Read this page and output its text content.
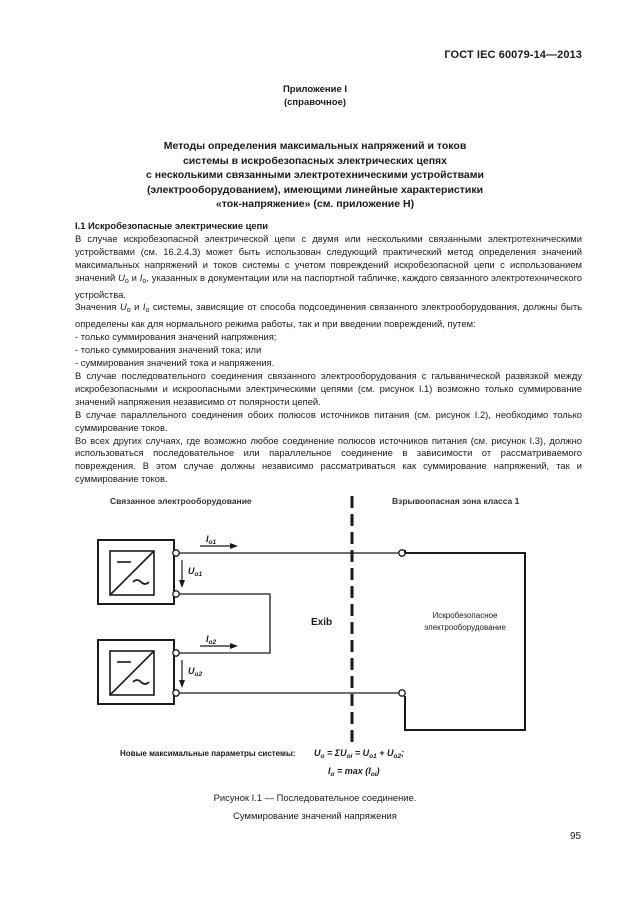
ГОСТ IEC 60079-14—2013
Приложение I
(справочное)
Методы определения максимальных напряжений и токов
системы в искробезопасных электрических цепях
с несколькими связанными электротехническими устройствами
(электрооборудованием), имеющими линейные характеристики
«ток-напряжение» (см. приложение H)

I.1 Искробезопасные электрические цепи

В случае искробезопасной электрической цепи с двумя или несколькими связанными электротехническими устройствами (см. 16.2.4.3) может быть использован следующий практический метод определения значений максимальных напряжений и токов системы с учетом повреждений искробезопасной цепи с использованием значений $U_o$ и $I_o$, указанных в документации или на паспортной табличке, каждого связанного электротехнического устройства.

Значения $U_o$ и $I_o$ системы, зависящие от способа подсоединения связанного электрооборудования, должны быть определены как для нормального режима работы, так и при введении повреждений, путем:

- только суммирования значений напряжения;

- только суммирования значений тока; или

- суммирования значений тока и напряжения.

В случае последовательного соединения связанного электрооборудования с гальванической развязкой между искробезопасными и искроопасными электрическими цепями (см. рисунок I.1) возможно только суммирование значений напряжения независимо от полярности цепей.

В случае параллельного соединения обоих полюсов источников питания (см. рисунок I.2), необходимо только суммирование токов.

Во всех других случаях, где возможно любое соединение полюсов источников питания (см. рисунок I.3), должно использоваться последовательное или параллельное соединение в зависимости от рассматриваемого повреждения. В этом случае должны независимо рассматриваться как суммирование напряжений, так и суммирование токов.

Связанное электрооборудование	Взрывоопасная зона класса 1
Exib
$I_{o1}$
$I_{o2}$
$U_{o1}$
$U_{o2}$
Искробезопасное
электрооборудование
Новые максимальные параметры системы: $U_o = \Sigma U_{oi} = U_{o1} + U_{o2}$;
$I_o = \max (I_{oi})$
Рисунок I.1 — Последовательное соединение.
Суммирование значений напряжения
95
